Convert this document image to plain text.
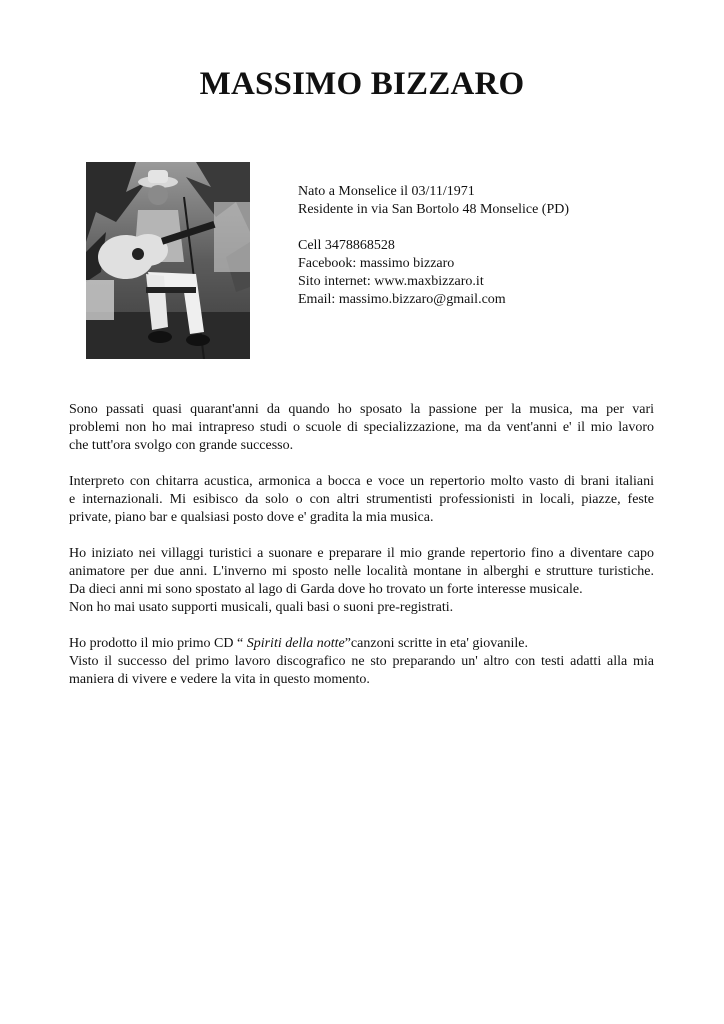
MASSIMO BIZZARO
Nato a Monselice il 03/11/1971
Residente in via San Bortolo 48 Monselice (PD)
Cell 3478868528
Facebook: massimo bizzaro
Sito internet: www.maxbizzaro.it
Email: massimo.bizzaro@gmail.com

Sono passati quasi quarant'anni da quando ho sposato la passione per la musica, ma per vari
problemi non ho mai intrapreso studi o scuole di specializzazione, ma da vent'anni e' il mio lavoro
che tutt'ora svolgo con grande successo.

Interpreto con chitarra acustica, armonica a bocca e voce un repertorio molto vasto di brani italiani
e internazionali. Mi esibisco da solo o con altri strumentisti professionisti in locali, piazze, feste
private, piano bar e qualsiasi posto dove e' gradita la mia musica.

Ho iniziato nei villaggi turistici a suonare e preparare il mio grande repertorio fino a diventare capo
animatore per due anni. L'inverno mi sposto nelle località montane in alberghi e strutture turistiche.
Da dieci anni mi sono spostato al lago di Garda dove ho trovato un forte interesse musicale.
Non ho mai usato supporti musicali, quali basi o suoni pre-registrati.

Ho prodotto il mio primo CD “ Spiriti della notte”canzoni scritte in eta' giovanile.
Visto il successo del primo lavoro discografico ne sto preparando un' altro con testi adatti alla mia
maniera di vivere e vedere la vita in questo momento.
